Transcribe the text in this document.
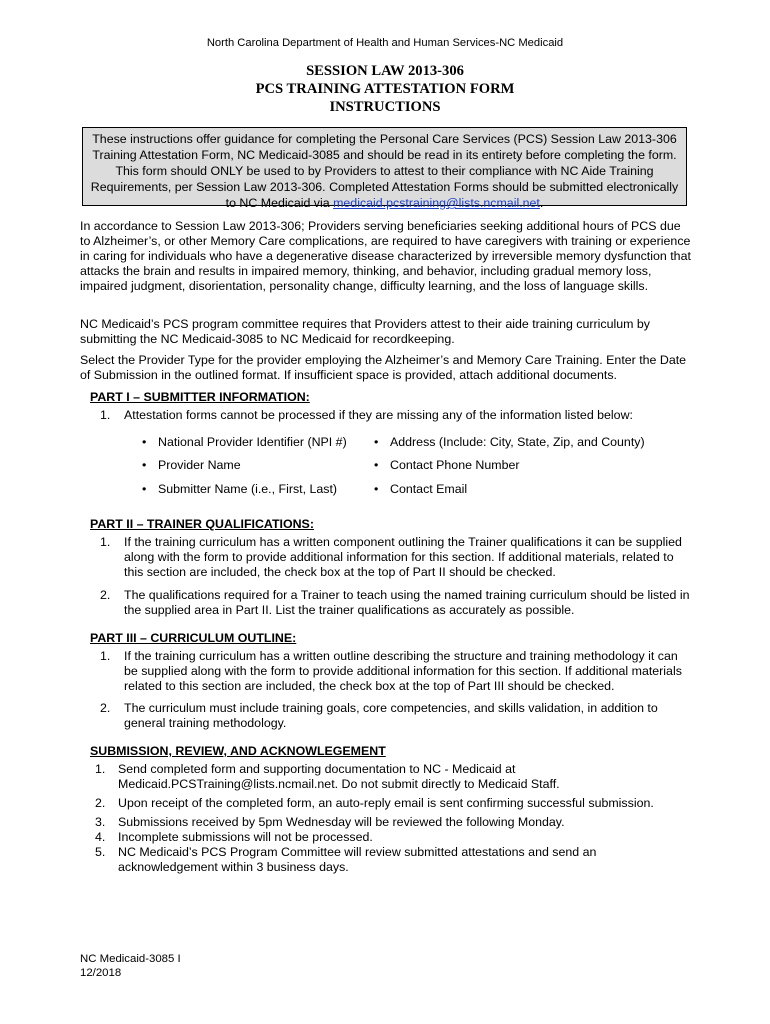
North Carolina Department of Health and Human Services-NC Medicaid
SESSION LAW 2013-306
PCS TRAINING ATTESTATION FORM
INSTRUCTIONS
These instructions offer guidance for completing the Personal Care Services (PCS) Session Law 2013-306 Training Attestation Form, NC Medicaid-3085 and should be read in its entirety before completing the form. This form should ONLY be used to by Providers to attest to their compliance with NC Aide Training Requirements, per Session Law 2013-306. Completed Attestation Forms should be submitted electronically to NC Medicaid via medicaid.pcstraining@lists.ncmail.net.
In accordance to Session Law 2013-306; Providers serving beneficiaries seeking additional hours of PCS due to Alzheimer’s, or other Memory Care complications, are required to have caregivers with training or experience in caring for individuals who have a degenerative disease characterized by irreversible memory dysfunction that attacks the brain and results in impaired memory, thinking, and behavior, including gradual memory loss, impaired judgment, disorientation, personality change, difficulty learning, and the loss of language skills.
NC Medicaid’s PCS program committee requires that Providers attest to their aide training curriculum by submitting the NC Medicaid-3085 to NC Medicaid for recordkeeping.
Select the Provider Type for the provider employing the Alzheimer’s and Memory Care Training. Enter the Date of Submission in the outlined format. If insufficient space is provided, attach additional documents.
PART I – SUBMITTER INFORMATION:
1. Attestation forms cannot be processed if they are missing any of the information listed below:
• National Provider Identifier (NPI #)
• Provider Name
• Submitter Name (i.e., First, Last)
• Address (Include: City, State, Zip, and County)
• Contact Phone Number
• Contact Email
PART II – TRAINER QUALIFICATIONS:
1. If the training curriculum has a written component outlining the Trainer qualifications it can be supplied along with the form to provide additional information for this section. If additional materials, related to this section are included, the check box at the top of Part II should be checked.
2. The qualifications required for a Trainer to teach using the named training curriculum should be listed in the supplied area in Part II. List the trainer qualifications as accurately as possible.
PART III – CURRICULUM OUTLINE:
1. If the training curriculum has a written outline describing the structure and training methodology it can be supplied along with the form to provide additional information for this section. If additional materials related to this section are included, the check box at the top of Part III should be checked.
2. The curriculum must include training goals, core competencies, and skills validation, in addition to general training methodology.
SUBMISSION, REVIEW, AND ACKNOWLEGEMENT
1. Send completed form and supporting documentation to NC - Medicaid at Medicaid.PCSTraining@lists.ncmail.net. Do not submit directly to Medicaid Staff.
2. Upon receipt of the completed form, an auto-reply email is sent confirming successful submission.
3. Submissions received by 5pm Wednesday will be reviewed the following Monday.
4. Incomplete submissions will not be processed.
5. NC Medicaid’s PCS Program Committee will review submitted attestations and send an acknowledgement within 3 business days.
NC Medicaid-3085 I
12/2018
